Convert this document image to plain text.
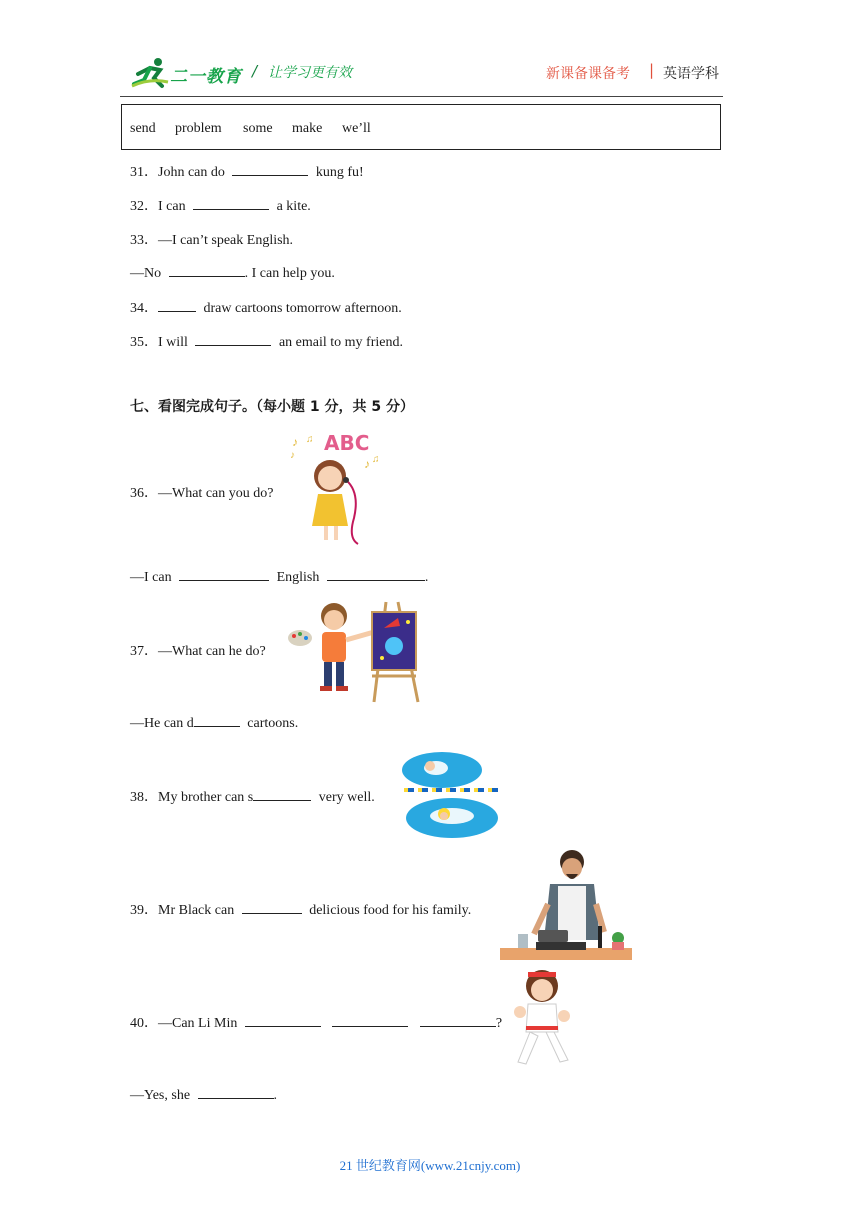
二一教育 / 让学习更有效	新课备课备考 | 英语学科
send problem some make we’ll
31．John can do	kung fu!
32．I can	a kite.
33．—I can’t speak English.
—No	. I can help you.
34．	draw cartoons tomorrow afternoon.
35．I will	an email to my friend.
七、看图完成句子。（每小题 1 分，共 5 分）
36．—What can you do?
ABC
♪ ♫
♪ ♫
♪
—I can	English	.
37．—What can he do?
—He can d	cartoons.
38．My brother can s	very well.
39．Mr Black can	delicious food for his family.
40．—Can Li Min	?
—Yes, she	.
21 世纪教育网(www.21cnjy.com)
